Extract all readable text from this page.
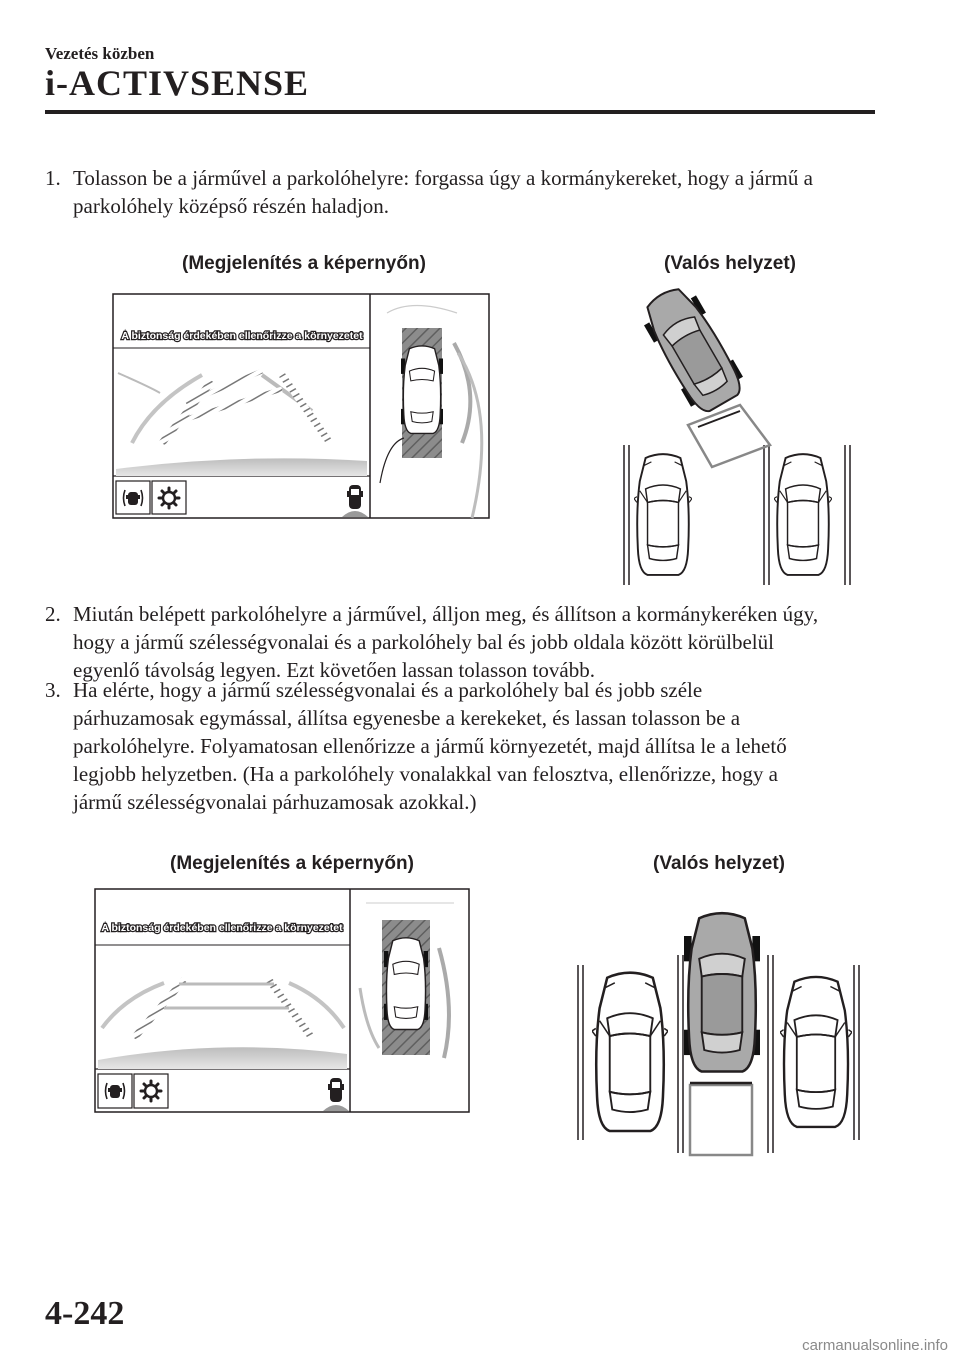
Vezetés közben
i-ACTIVSENSE
1. Tolasson be a járművel a parkolóhelyre: forgassa úgy a kormánykereket, hogy a jármű a
parkolóhely középső részén haladjon.
(Megjelenítés a képernyőn)	(Valós helyzet)
A biztonság érdekében ellenőrizze a környezetet
2. Miután belépett parkolóhelyre a járművel, álljon meg, és állítson a kormánykeréken úgy,
hogy a jármű szélességvonalai és a parkolóhely bal és jobb oldala között körülbelül
egyenlő távolság legyen. Ezt követően lassan tolasson tovább.
3. Ha elérte, hogy a jármű szélességvonalai és a parkolóhely bal és jobb széle
párhuzamosak egymással, állítsa egyenesbe a kerekeket, és lassan tolasson be a
parkolóhelyre. Folyamatosan ellenőrizze a jármű környezetét, majd állítsa le a lehető
legjobb helyzetben. (Ha a parkolóhely vonalakkal van felosztva, ellenőrizze, hogy a
jármű szélességvonalai párhuzamosak azokkal.)
(Megjelenítés a képernyőn)	(Valós helyzet)
A biztonság érdekében ellenőrizze a környezetet
4-242
carmanualsonline.info
